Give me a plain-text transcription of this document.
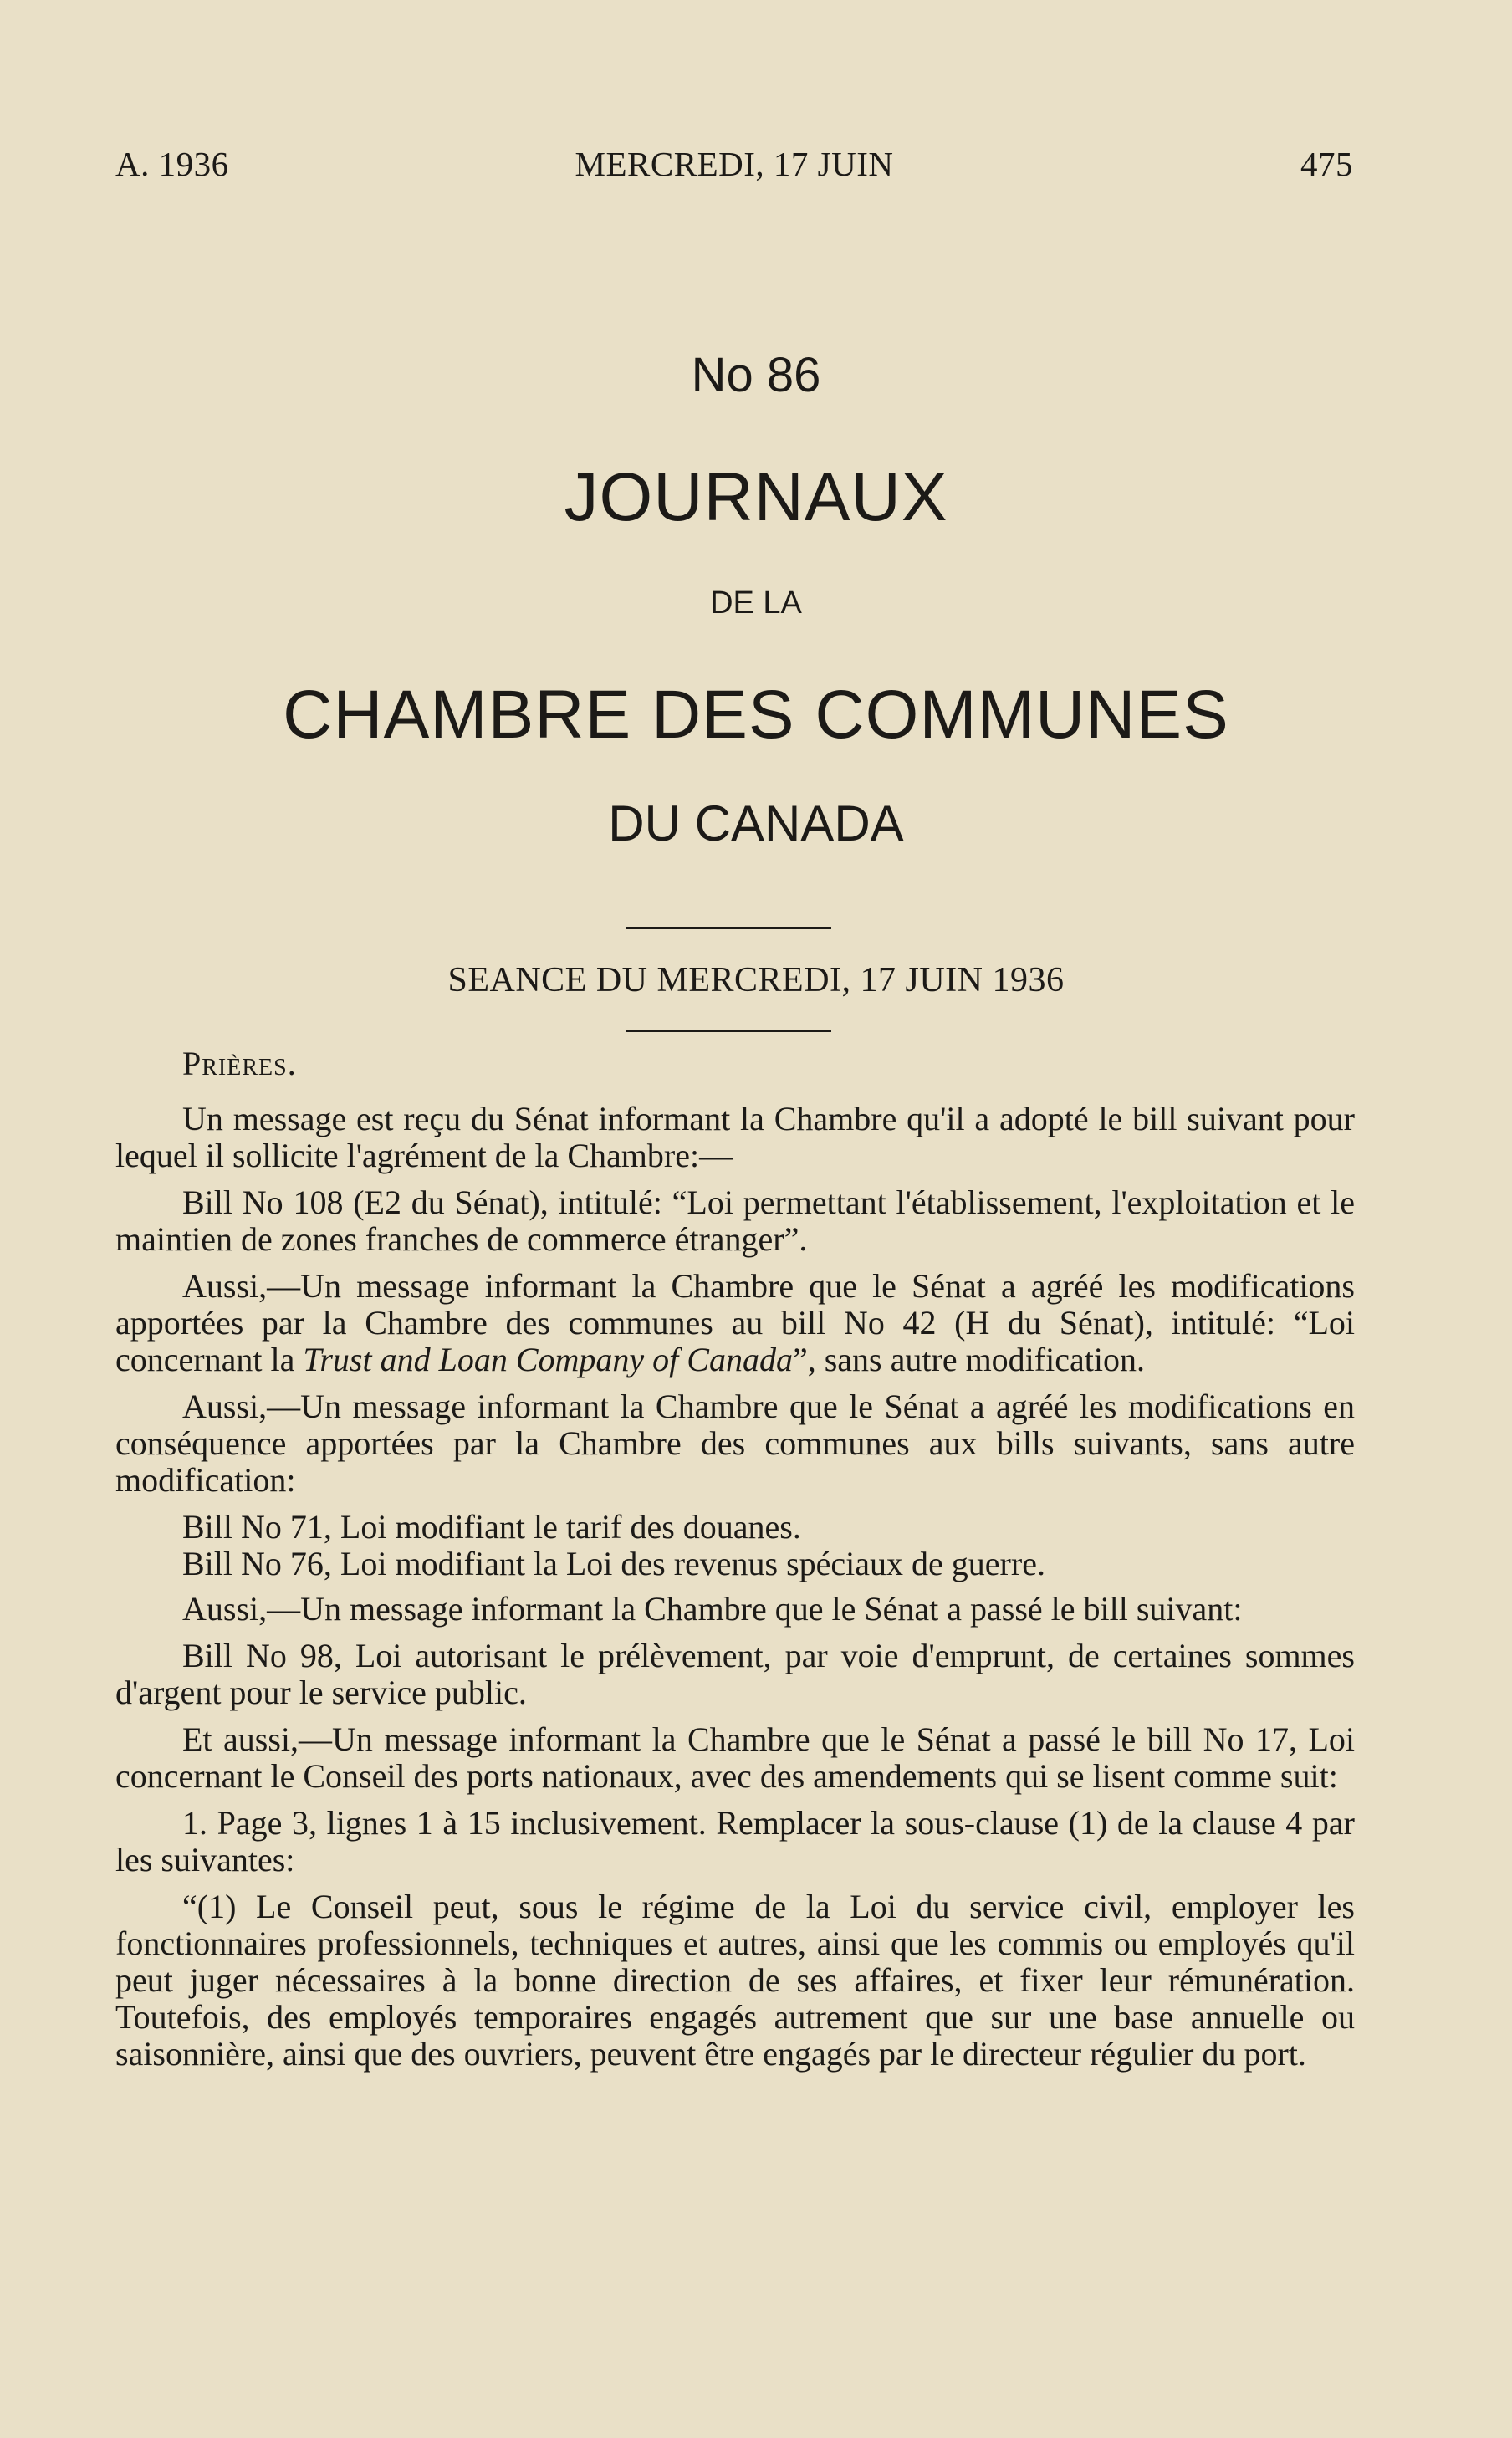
A. 1936	MERCREDI, 17 JUIN	475
No 86
JOURNAUX
DE LA
CHAMBRE DES COMMUNES
DU CANADA
SEANCE DU MERCREDI, 17 JUIN 1936
Prières.

Un message est reçu du Sénat informant la Chambre qu'il a adopté le bill suivant pour lequel il sollicite l'agrément de la Chambre:—

Bill No 108 (E2 du Sénat), intitulé: “Loi permettant l'établissement, l'exploitation et le maintien de zones franches de commerce étranger”.

Aussi,—Un message informant la Chambre que le Sénat a agréé les modifications apportées par la Chambre des communes au bill No 42 (H du Sénat), intitulé: “Loi concernant la Trust and Loan Company of Canada”, sans autre modification.

Aussi,—Un message informant la Chambre que le Sénat a agréé les modifications en conséquence apportées par la Chambre des communes aux bills suivants, sans autre modification:

Bill No 71, Loi modifiant le tarif des douanes.

Bill No 76, Loi modifiant la Loi des revenus spéciaux de guerre.

Aussi,—Un message informant la Chambre que le Sénat a passé le bill suivant:

Bill No 98, Loi autorisant le prélèvement, par voie d'emprunt, de certaines sommes d'argent pour le service public.

Et aussi,—Un message informant la Chambre que le Sénat a passé le bill No 17, Loi concernant le Conseil des ports nationaux, avec des amendements qui se lisent comme suit:

1. Page 3, lignes 1 à 15 inclusivement. Remplacer la sous-clause (1) de la clause 4 par les suivantes:

“(1) Le Conseil peut, sous le régime de la Loi du service civil, employer les fonctionnaires professionnels, techniques et autres, ainsi que les commis ou employés qu'il peut juger nécessaires à la bonne direction de ses affaires, et fixer leur rémunération. Toutefois, des employés temporaires engagés autrement que sur une base annuelle ou saisonnière, ainsi que des ouvriers, peuvent être engagés par le directeur régulier du port.
